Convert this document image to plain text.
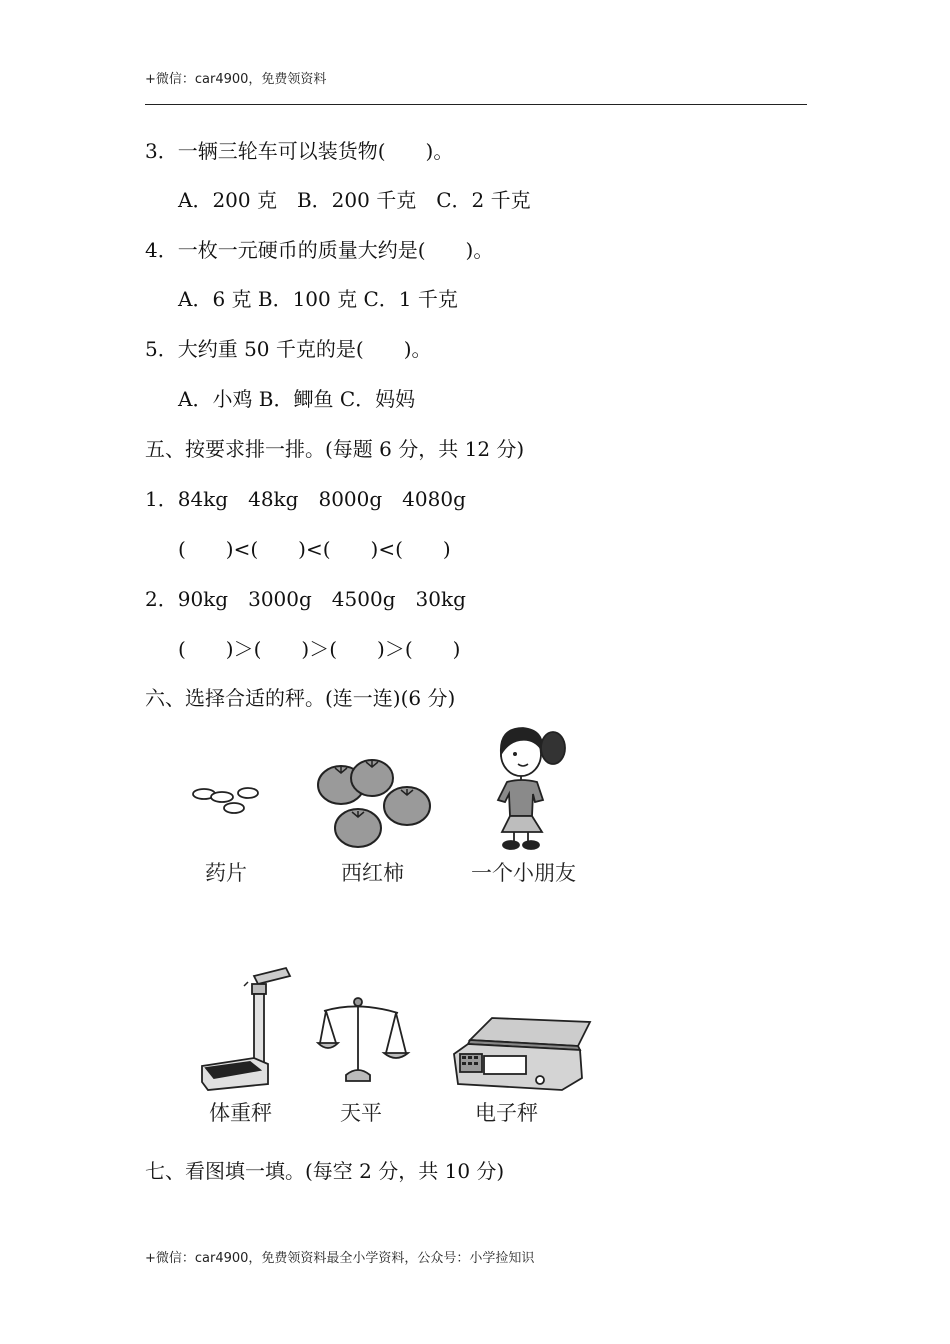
+微信：car4900，免费领资料
3．一辆三轮车可以装货物(　　)。
A．200 克　B．200 千克　C．2 千克
4．一枚一元硬币的质量大约是(　　)。
A．6 克 B．100 克 C．1 千克
5．大约重 50 千克的是(　　)。
A．小鸡 B．鲫鱼 C．妈妈
五、按要求排一排。(每题 6 分，共 12 分)
1．84kg　48kg　8000g　4080g
(　　)<(　　)<(　　)<(　　)
2．90kg　3000g　4500g　30kg
(　　)＞(　　)＞(　　)＞(　　)
六、选择合适的秤。(连一连)(6 分)
药片	西红柿	一个小朋友
体重秤	天平	电子秤
七、看图填一填。(每空 2 分，共 10 分)
+微信：car4900，免费领资料最全小学资料，公众号：小学捡知识
